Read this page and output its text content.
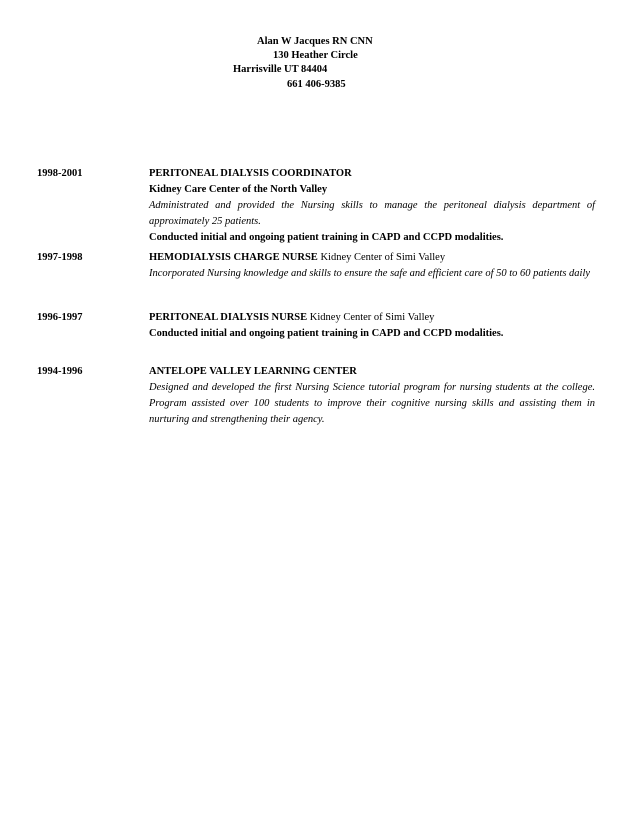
Alan W Jacques RN CNN
130 Heather Circle
Harrisville UT 84404
661 406-9385
1998-2001	PERITONEAL DIALYSIS COORDINATOR
Kidney Care Center of the North Valley
Administrated and provided the Nursing skills to manage the peritoneal dialysis department of approximately 25 patients.
Conducted initial and ongoing patient training in CAPD and CCPD modalities.
1997-1998	HEMODIALYSIS CHARGE NURSE Kidney Center of Simi Valley
Incorporated Nursing knowledge and skills to ensure the safe and efficient care of 50 to 60 patients daily
1996-1997	PERITONEAL DIALYSIS NURSE Kidney Center of Simi Valley
Conducted initial and ongoing patient training in CAPD and CCPD modalities.
1994-1996	ANTELOPE VALLEY LEARNING CENTER
Designed and developed the first Nursing Science tutorial program for nursing students at the college. Program assisted over 100 students to improve their cognitive nursing skills and assisting them in nurturing and strengthening their agency.
